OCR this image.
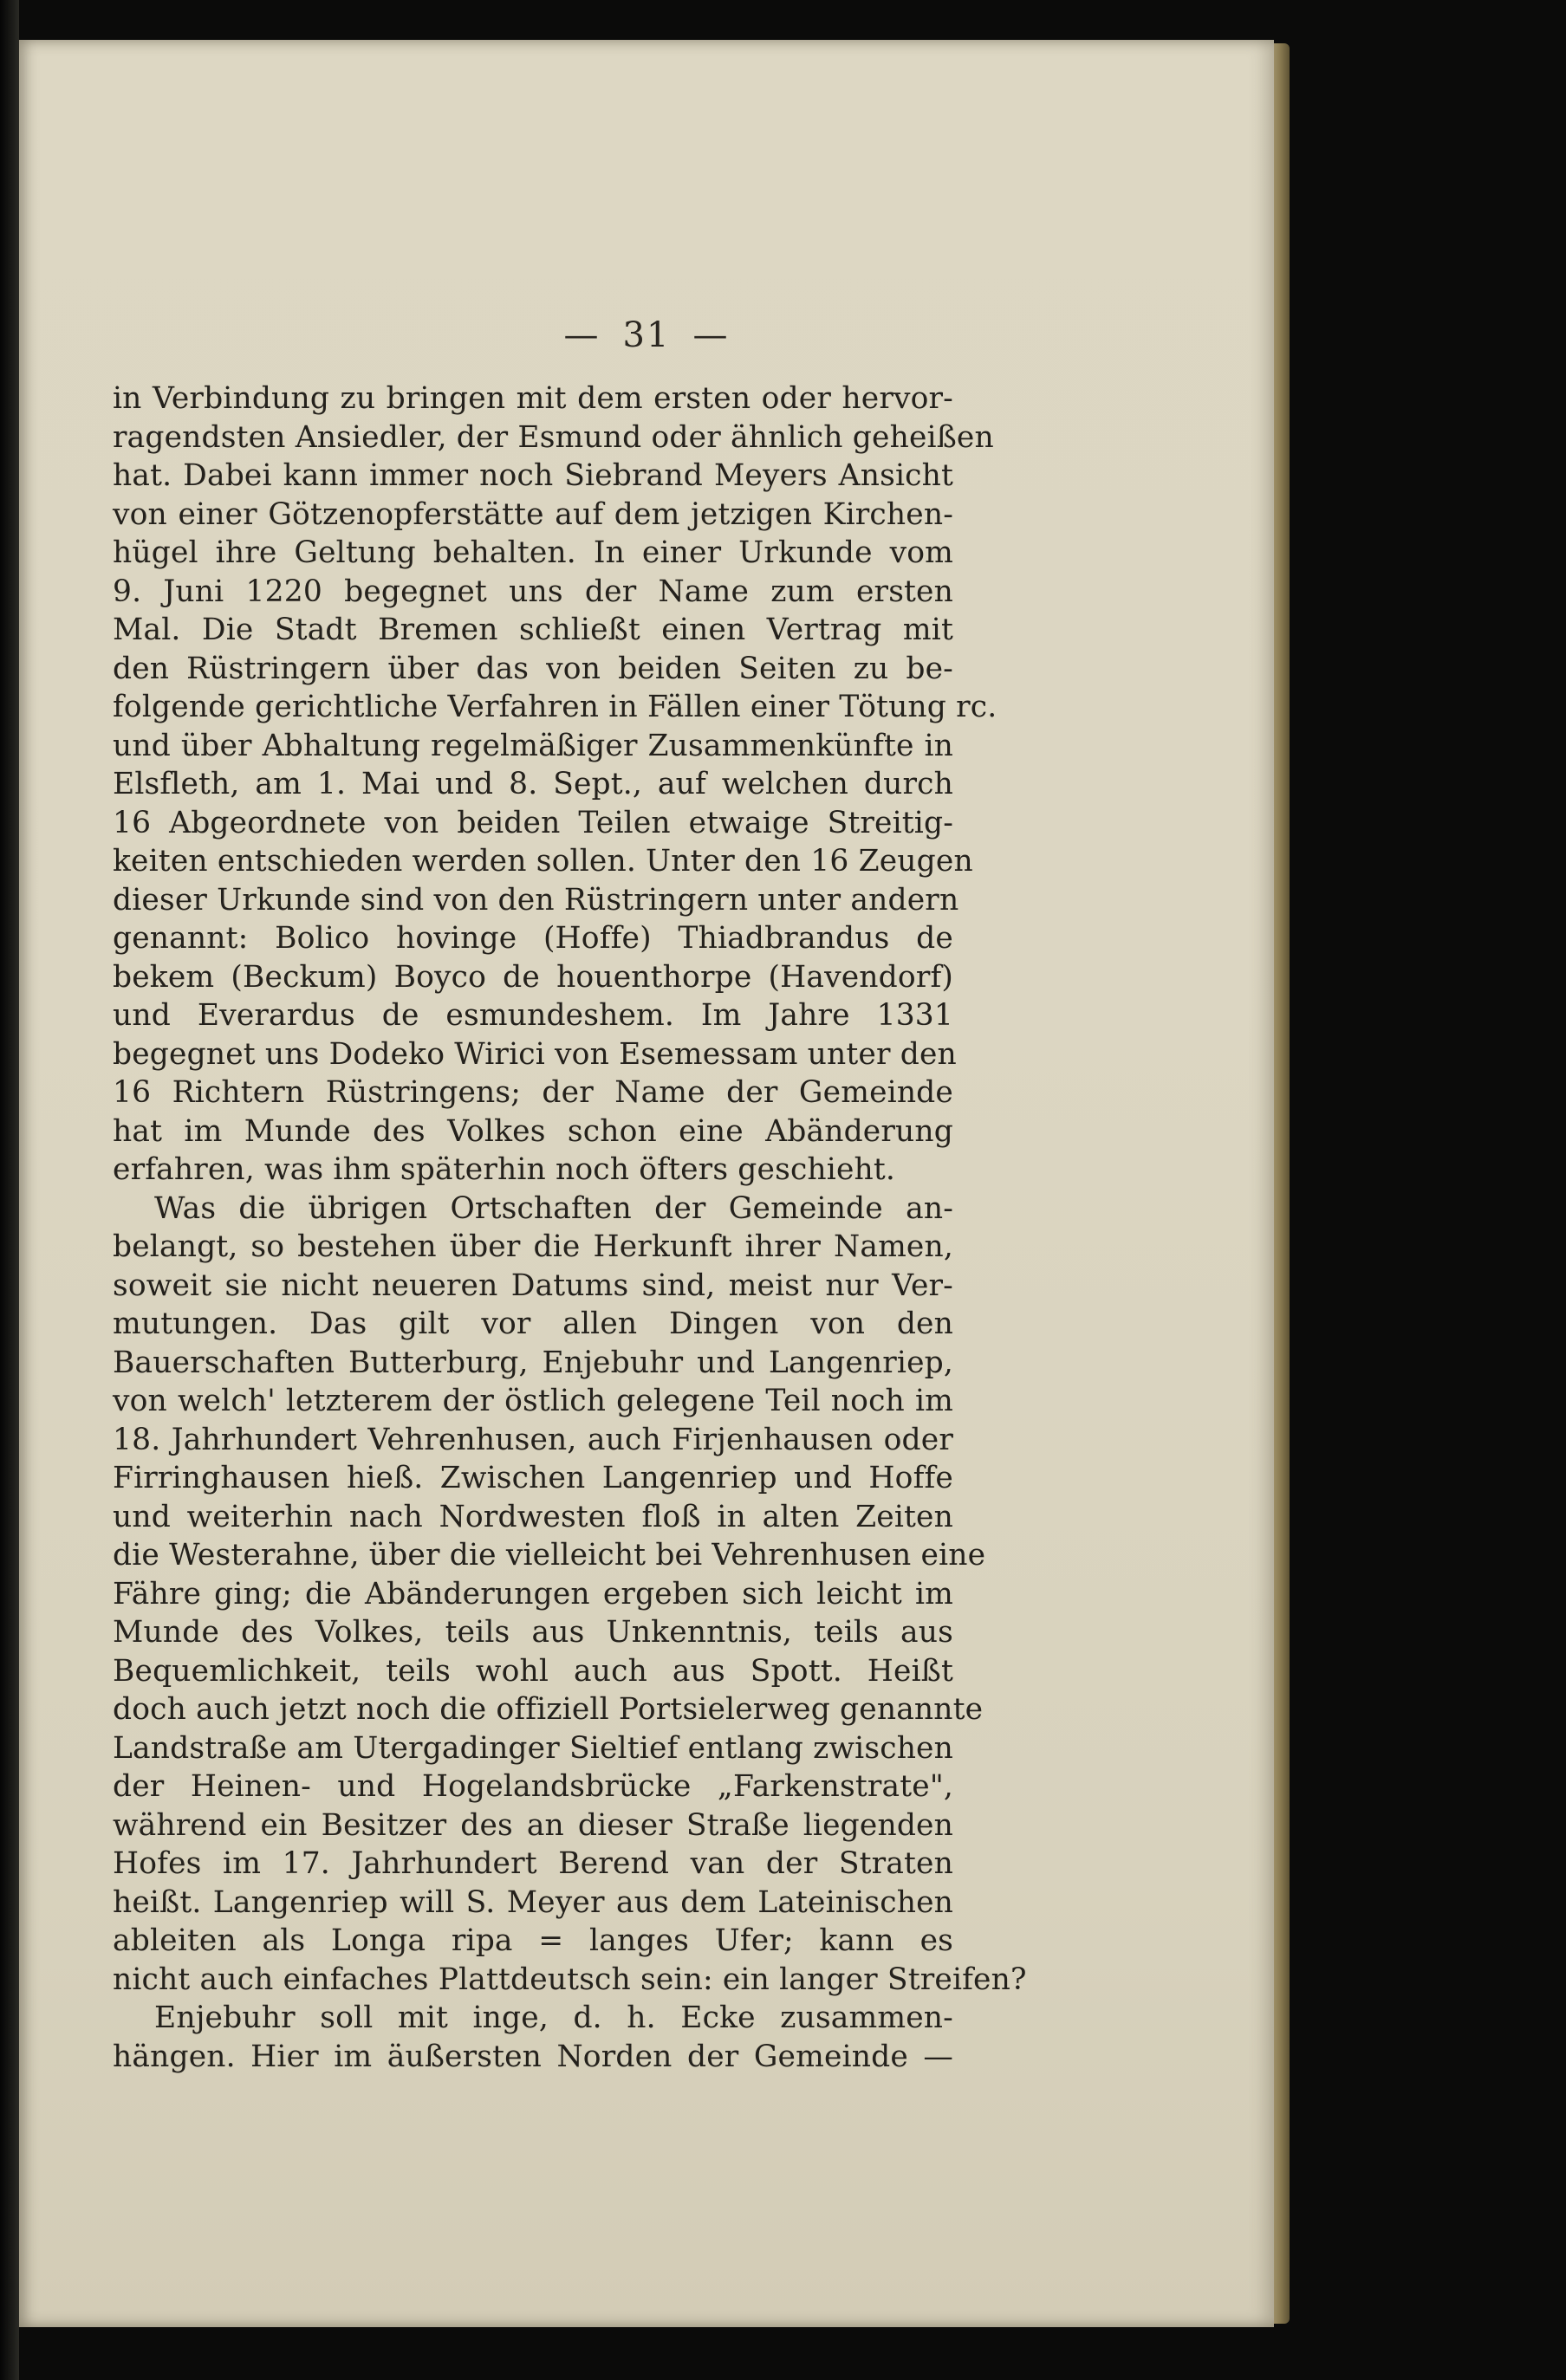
— 31 —
in Verbindung zu bringen mit dem ersten oder hervor-
ragendsten Ansiedler, der Esmund oder ähnlich geheißen
hat. Dabei kann immer noch Siebrand Meyers Ansicht
von einer Götzenopferstätte auf dem jetzigen Kirchen-
hügel ihre Geltung behalten. In einer Urkunde vom
9. Juni 1220 begegnet uns der Name zum ersten
Mal. Die Stadt Bremen schließt einen Vertrag mit
den Rüstringern über das von beiden Seiten zu be-
folgende gerichtliche Verfahren in Fällen einer Tötung rc.
und über Abhaltung regelmäßiger Zusammenkünfte in
Elsfleth, am 1. Mai und 8. Sept., auf welchen durch
16 Abgeordnete von beiden Teilen etwaige Streitig-
keiten entschieden werden sollen. Unter den 16 Zeugen
dieser Urkunde sind von den Rüstringern unter andern
genannt: Bolico hovinge (Hoffe) Thiadbrandus de
bekem (Beckum) Boyco de houenthorpe (Havendorf)
und Everardus de esmundeshem. Im Jahre 1331
begegnet uns Dodeko Wirici von Esemessam unter den
16 Richtern Rüstringens; der Name der Gemeinde
hat im Munde des Volkes schon eine Abänderung
erfahren, was ihm späterhin noch öfters geschieht.
Was die übrigen Ortschaften der Gemeinde an-
belangt, so bestehen über die Herkunft ihrer Namen,
soweit sie nicht neueren Datums sind, meist nur Ver-
mutungen. Das gilt vor allen Dingen von den
Bauerschaften Butterburg, Enjebuhr und Langenriep,
von welch' letzterem der östlich gelegene Teil noch im
18. Jahrhundert Vehrenhusen, auch Firjenhausen oder
Firringhausen hieß. Zwischen Langenriep und Hoffe
und weiterhin nach Nordwesten floß in alten Zeiten
die Westerahne, über die vielleicht bei Vehrenhusen eine
Fähre ging; die Abänderungen ergeben sich leicht im
Munde des Volkes, teils aus Unkenntnis, teils aus
Bequemlichkeit, teils wohl auch aus Spott. Heißt
doch auch jetzt noch die offiziell Portsielerweg genannte
Landstraße am Utergadinger Sieltief entlang zwischen
der Heinen- und Hogelandsbrücke „Farkenstrate",
während ein Besitzer des an dieser Straße liegenden
Hofes im 17. Jahrhundert Berend van der Straten
heißt. Langenriep will S. Meyer aus dem Lateinischen
ableiten als Longa ripa = langes Ufer; kann es
nicht auch einfaches Plattdeutsch sein: ein langer Streifen?
Enjebuhr soll mit inge, d. h. Ecke zusammen-
hängen. Hier im äußersten Norden der Gemeinde —
